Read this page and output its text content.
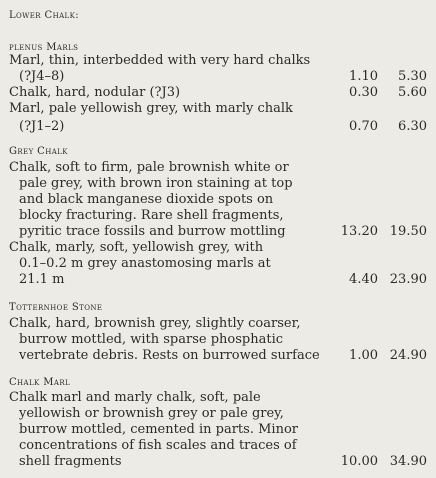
Lower Chalk:
plenus Marls
Marl, thin, interbedded with very hard chalks
(?J4–8)	1.10 5.30
Chalk, hard, nodular (?J3)	0.30 5.60
Marl, pale yellowish grey, with marly chalk
(?J1–2)	0.70 6.30
Grey Chalk
Chalk, soft to firm, pale brownish white or
pale grey, with brown iron staining at top
and black manganese dioxide spots on
blocky fracturing. Rare shell fragments,
pyritic trace fossils and burrow mottling	13.20 19.50
Chalk, marly, soft, yellowish grey, with
0.1–0.2 m grey anastomosing marls at
21.1 m	4.40 23.90
Totternhoe Stone
Chalk, hard, brownish grey, slightly coarser,
burrow mottled, with sparse phosphatic
vertebrate debris. Rests on burrowed surface 1.00 24.90
Chalk Marl
Chalk marl and marly chalk, soft, pale
yellowish or brownish grey or pale grey,
burrow mottled, cemented in parts. Minor
concentrations of fish scales and traces of
shell fragments	10.00 34.90
